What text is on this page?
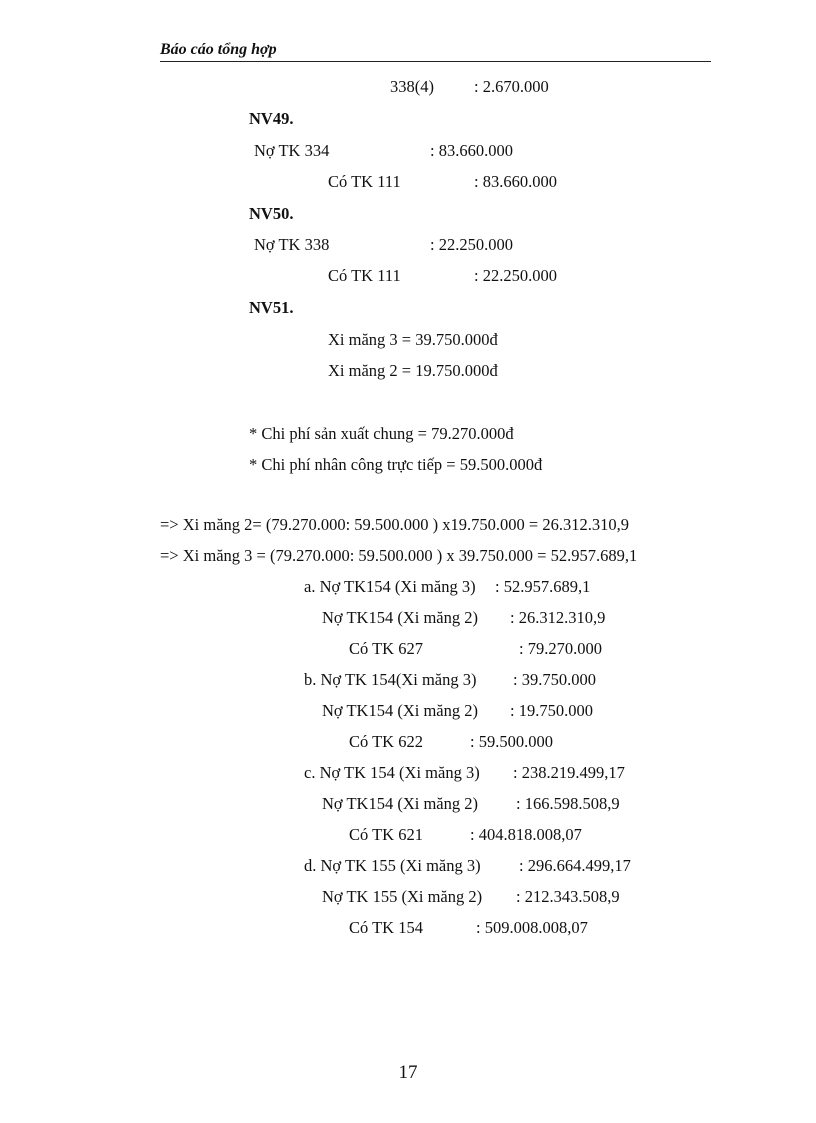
Báo cáo tổng hợp
338(4) : 2.670.000
NV49.
Nợ TK 334	: 83.660.000
Có TK 111	: 83.660.000
NV50.
Nợ TK 338	: 22.250.000
Có TK 111	: 22.250.000
NV51.
Xi măng 3 = 39.750.000đ
Xi măng 2 = 19.750.000đ
* Chi phí sản xuất chung = 79.270.000đ
* Chi phí nhân công trực tiếp = 59.500.000đ
=> Xi măng 2= (79.270.000: 59.500.000 ) x19.750.000 = 26.312.310,9
=> Xi măng 3 = (79.270.000: 59.500.000 ) x 39.750.000 = 52.957.689,1
a. Nợ TK154 (Xi măng 3) : 52.957.689,1
Nợ TK154 (Xi măng 2) : 26.312.310,9
Có TK 627	: 79.270.000
b. Nợ TK 154(Xi măng 3) : 39.750.000
Nợ TK154 (Xi măng 2) : 19.750.000
Có TK 622	: 59.500.000
c. Nợ TK 154 (Xi măng 3) : 238.219.499,17
Nợ TK154 (Xi măng 2) : 166.598.508,9
Có TK 621	: 404.818.008,07
d. Nợ TK 155 (Xi măng 3) : 296.664.499,17
Nợ TK 155 (Xi măng 2) : 212.343.508,9
Có TK 154	: 509.008.008,07
17
